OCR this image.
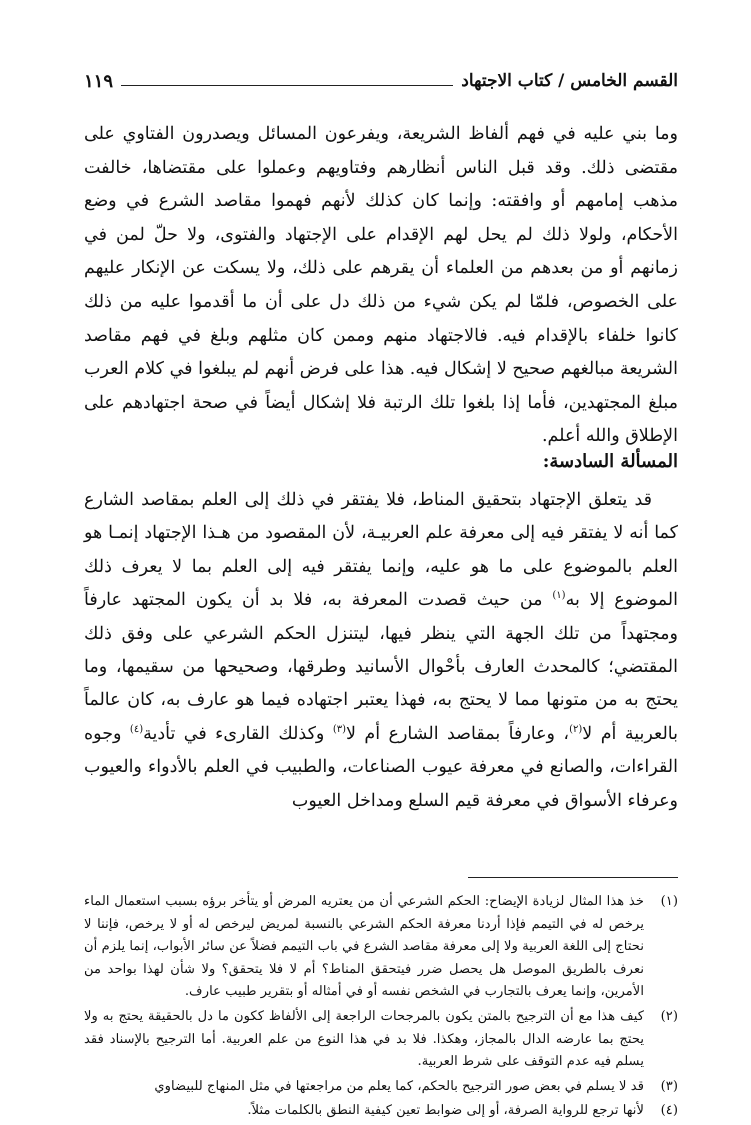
القسم الخامس / كتاب الاجتهاد
١١٩

وما بني عليه في فهم ألفاظ الشريعة، ويفرعون المسائل ويصدرون الفتاوي على مقتضى ذلك. وقد قبل الناس أنظارهم وفتاويهم وعملوا على مقتضاها، خالفت مذهب إمامهم أو وافقته: وإنما كان كذلك لأنهم فهموا مقاصد الشرع في وضع الأحكام، ولولا ذلك لم يحل لهم الإقدام على الإجتهاد والفتوى، ولا حلّ لمن في زمانهم أو من بعدهم من العلماء أن يقرهم على ذلك، ولا يسكت عن الإنكار عليهم على الخصوص، فلمّا لم يكن شيء من ذلك دل على أن ما أقدموا عليه من ذلك كانوا خلفاء بالإقدام فيه. فالاجتهاد منهم وممن كان مثلهم وبلغ في فهم مقاصد الشريعة مبالغهم صحيح لا إشكال فيه. هذا على فرض أنهم لم يبلغوا في كلام العرب مبلغ المجتهدين، فأما إذا بلغوا تلك الرتبة فلا إشكال أيضاً في صحة اجتهادهم على الإطلاق والله أعلم.

المسألة السادسة:

قد يتعلق الإجتهاد بتحقيق المناط، فلا يفتقر في ذلك إلى العلم بمقاصد الشارع كما أنه لا يفتقر فيه إلى معرفة علم العربيـة، لأن المقصود من هـذا الإجتهاد إنمـا هو العلم بالموضوع على ما هو عليه، وإنما يفتقر فيه إلى العلم بما لا يعرف ذلك الموضوع إلا به$^{(١)}$ من حيث قصدت المعرفة به، فلا بد أن يكون المجتهد عارفاً ومجتهداً من تلك الجهة التي ينظر فيها، ليتنزل الحكم الشرعي على وفق ذلك المقتضي؛ كالمحدث العارف بأحْوال الأسانيد وطرقها، وصحيحها من سقيمها، وما يحتج به من متونها مما لا يحتج به، فهذا يعتبر اجتهاده فيما هو عارف به، كان عالماً بالعربية أم لا$^{(٢)}$، وعارفاً بمقاصد الشارع أم لا$^{(٣)}$ وكذلك القارىء في تأدية$^{(٤)}$ وجوه القراءات، والصانع في معرفة عيوب الصناعات، والطبيب في العلم بالأدواء والعيوب وعرفاء الأسواق في معرفة قيم السلع ومداخل العيوب

(١)
خذ هذا المثال لزيادة الإيضاح: الحكم الشرعي أن من يعتريه المرض أو يتأخر برؤه بسبب استعمال الماء يرخص له في التيمم فإذا أردنا معرفة الحكم الشرعي بالنسبة لمريض ليرخص له أو لا يرخص، فإننا لا نحتاج إلى اللغة العربية ولا إلى معرفة مقاصد الشرع في باب التيمم فضلاً عن سائر الأبواب، إنما يلزم أن نعرف بالطريق الموصل هل يحصل ضرر فيتحقق المناط؟ أم لا فلا يتحقق؟ ولا شأن لهذا بواحد من الأمرين، وإنما يعرف بالتجارب في الشخص نفسه أو في أمثاله أو بتقرير طبيب عارف.
(٢)
كيف هذا مع أن الترجيح بالمتن يكون بالمرجحات الراجعة إلى الألفاظ ككون ما دل بالحقيقة يحتج به ولا يحتج بما عارضه الدال بالمجاز، وهكذا. فلا بد في هذا النوع من علم العربية. أما الترجيح بالإسناد فقد يسلم فيه عدم التوقف على شرط العربية.
(٣)
قد لا يسلم في بعض صور الترجيح بالحكم، كما يعلم من مراجعتها في مثل المنهاج للبيضاوي
(٤)
لأنها ترجع للرواية الصرفة، أو إلى ضوابط تعين كيفية النطق بالكلمات مثلاً.
